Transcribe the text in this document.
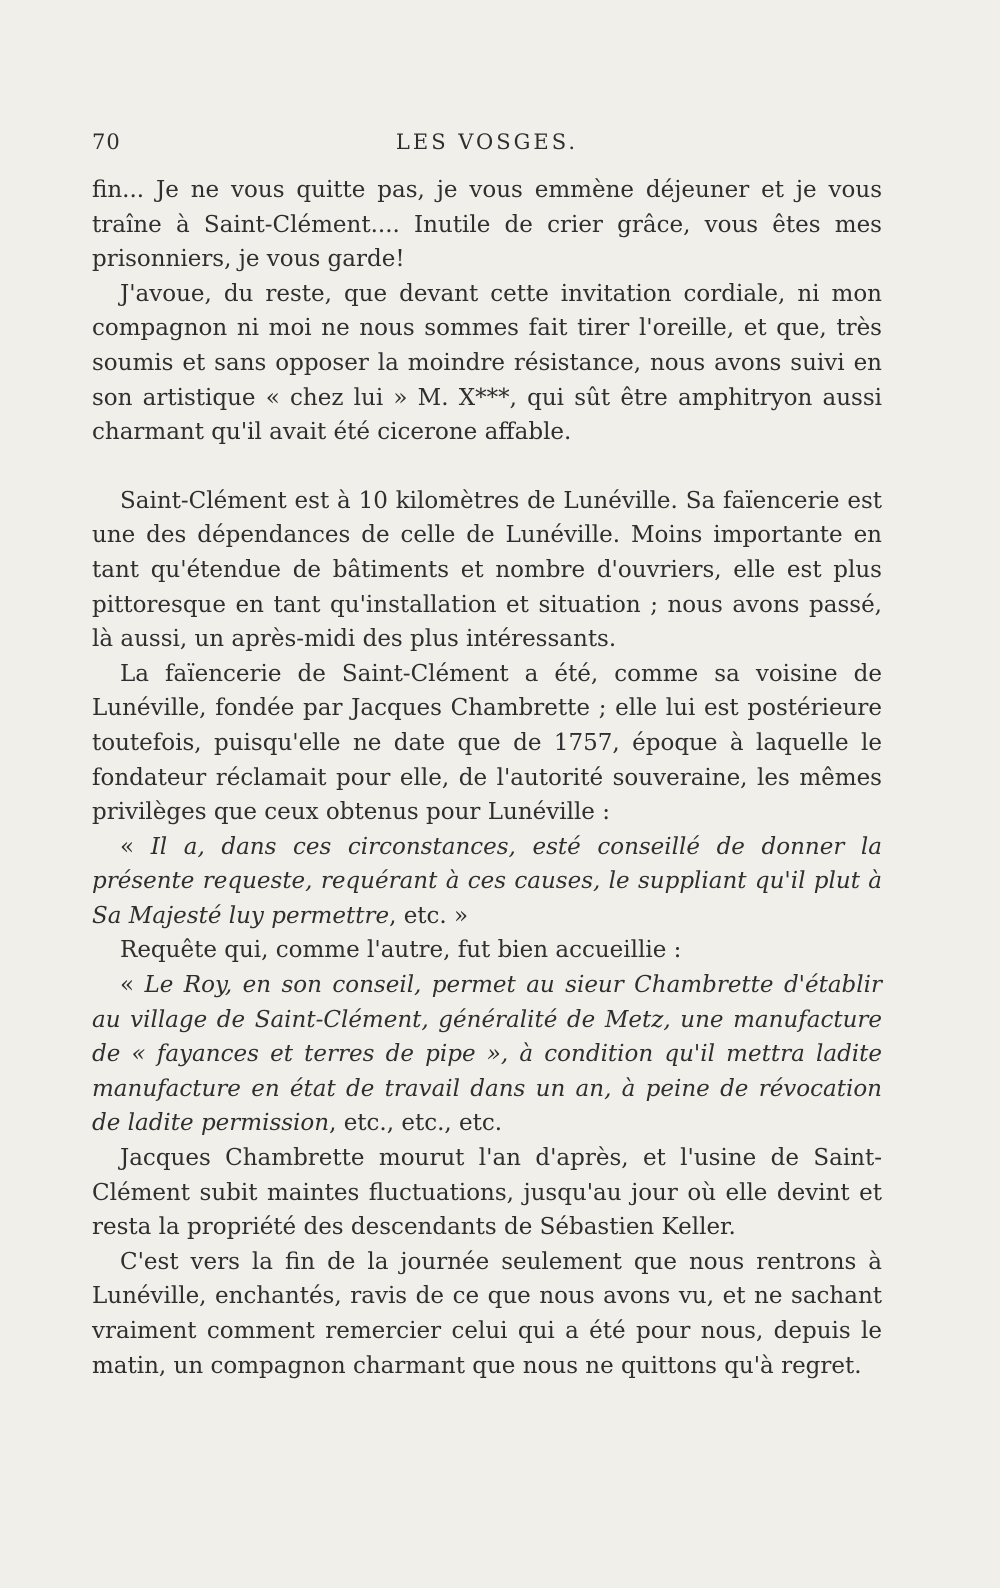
70	LES VOSGES.

fin... Je ne vous quitte pas, je vous emmène déjeuner et je vous traîne à Saint-Clément.... Inutile de crier grâce, vous êtes mes prisonniers, je vous garde!

J'avoue, du reste, que devant cette invitation cordiale, ni mon compagnon ni moi ne nous sommes fait tirer l'oreille, et que, très soumis et sans opposer la moindre résistance, nous avons suivi en son artistique « chez lui » M. X***, qui sût être amphitryon aussi charmant qu'il avait été cicerone affable.

Saint-Clément est à 10 kilomètres de Lunéville. Sa faïencerie est une des dépendances de celle de Lunéville. Moins importante en tant qu'étendue de bâtiments et nombre d'ouvriers, elle est plus pittoresque en tant qu'installation et situation ; nous avons passé, là aussi, un après-midi des plus intéressants.

La faïencerie de Saint-Clément a été, comme sa voisine de Lunéville, fondée par Jacques Chambrette ; elle lui est postérieure toutefois, puisqu'elle ne date que de 1757, époque à laquelle le fondateur réclamait pour elle, de l'autorité souveraine, les mêmes privilèges que ceux obtenus pour Lunéville :

« Il a, dans ces circonstances, esté conseillé de donner la présente requeste, requérant à ces causes, le suppliant qu'il plut à Sa Majesté luy permettre, etc. »

Requête qui, comme l'autre, fut bien accueillie :

« Le Roy, en son conseil, permet au sieur Chambrette d'établir au village de Saint-Clément, généralité de Metz, une manufacture de « fayances et terres de pipe », à condition qu'il mettra ladite manufacture en état de travail dans un an, à peine de révocation de ladite permission, etc., etc., etc.

Jacques Chambrette mourut l'an d'après, et l'usine de Saint-Clément subit maintes fluctuations, jusqu'au jour où elle devint et resta la propriété des descendants de Sébastien Keller.

C'est vers la fin de la journée seulement que nous rentrons à Lunéville, enchantés, ravis de ce que nous avons vu, et ne sachant vraiment comment remercier celui qui a été pour nous, depuis le matin, un compagnon charmant que nous ne quittons qu'à regret.
